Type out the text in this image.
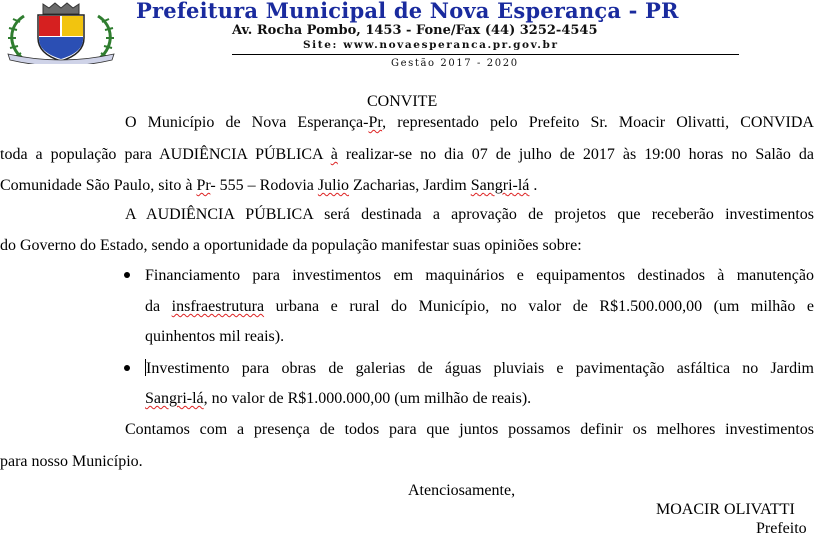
Prefeitura Municipal de Nova Esperança - PR
Av. Rocha Pombo, 1453 - Fone/Fax (44) 3252-4545
Site: www.novaesperanca.pr.gov.br
Gestão 2017 - 2020
CONVITE
O Município de Nova Esperança-Pr, representado pelo Prefeito Sr. Moacir Olivatti, CONVIDA
toda a população para AUDIÊNCIA PÚBLICA à realizar-se no dia 07 de julho de 2017 às 19:00 horas no Salão da
Comunidade São Paulo, sito à Pr- 555 – Rodovia Julio Zacharias, Jardim Sangri-lá .
A AUDIÊNCIA PÚBLICA será destinada a aprovação de projetos que receberão investimentos
do Governo do Estado, sendo a oportunidade da população manifestar suas opiniões sobre:
Financiamento para investimentos em maquinários e equipamentos destinados à manutenção
da insfraestrutura urbana e rural do Município, no valor de R$1.500.000,00 (um milhão e
quinhentos mil reais).
Investimento para obras de galerias de águas pluviais e pavimentação asfáltica no Jardim
Sangri-lá, no valor de R$1.000.000,00 (um milhão de reais).
Contamos com a presença de todos para que juntos possamos definir os melhores investimentos
para nosso Município.
Atenciosamente,
MOACIR OLIVATTI
Prefeito
